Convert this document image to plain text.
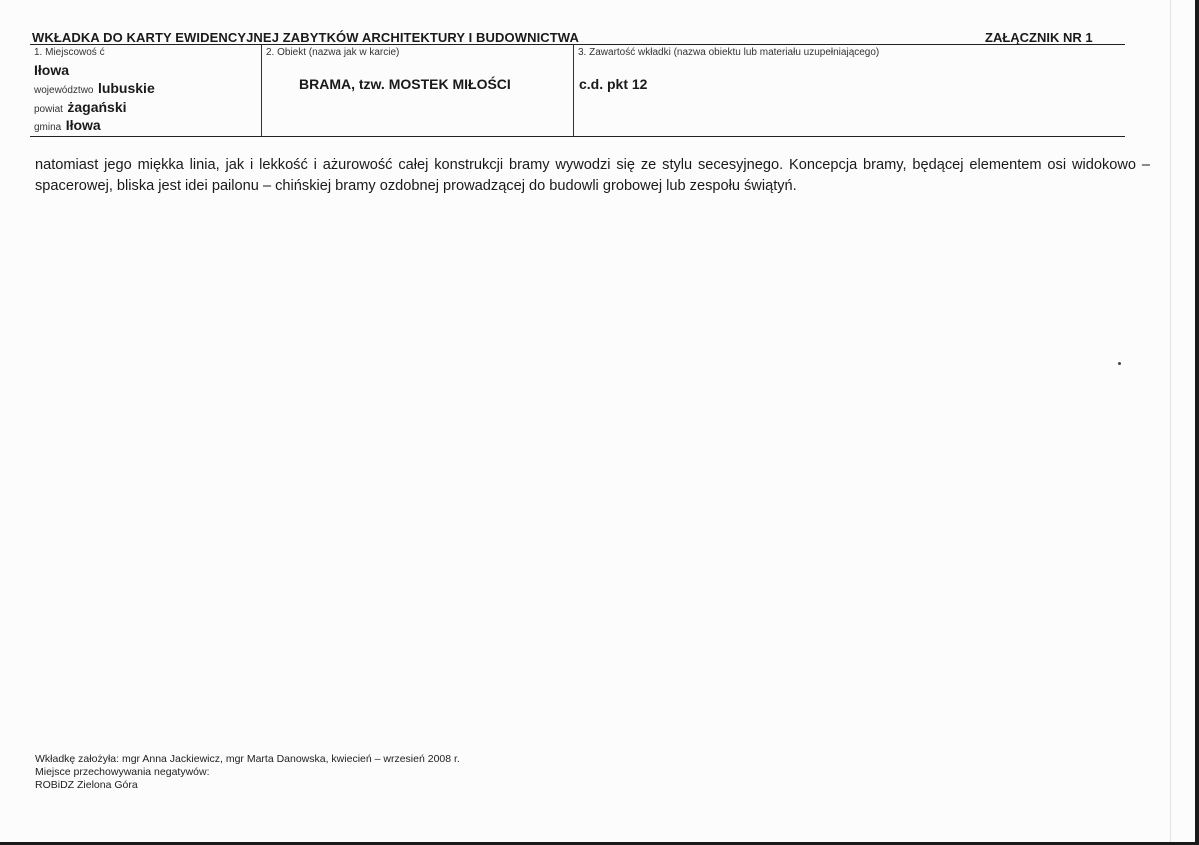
WKŁADKA DO KARTY EWIDENCYJNEJ ZABYTKÓW ARCHITEKTURY I BUDOWNICTWA	ZAŁĄCZNIK NR 1
1. Miejscowoś ć
Iłowa
województwo lubuskie
powiat żagański
gmina Iłowa
2. Obiekt (nazwa jak w karcie)
BRAMA, tzw. MOSTEK MIŁOŚCI
3. Zawartość wkładki (nazwa obiektu lub materiału uzupełniającego)
c.d. pkt 12
natomiast jego miękka linia, jak i lekkość i ażurowość całej konstrukcji bramy wywodzi się ze stylu secesyjnego. Koncepcja bramy, będącej elementem osi widokowo – spacerowej, bliska jest idei pailonu – chińskiej bramy ozdobnej prowadzącej do budowli grobowej lub zespołu świątyń.
Wkładkę założyła: mgr Anna Jackiewicz, mgr Marta Danowska, kwiecień – wrzesień 2008 r.
Miejsce przechowywania negatywów:
ROBiDZ Zielona Góra
